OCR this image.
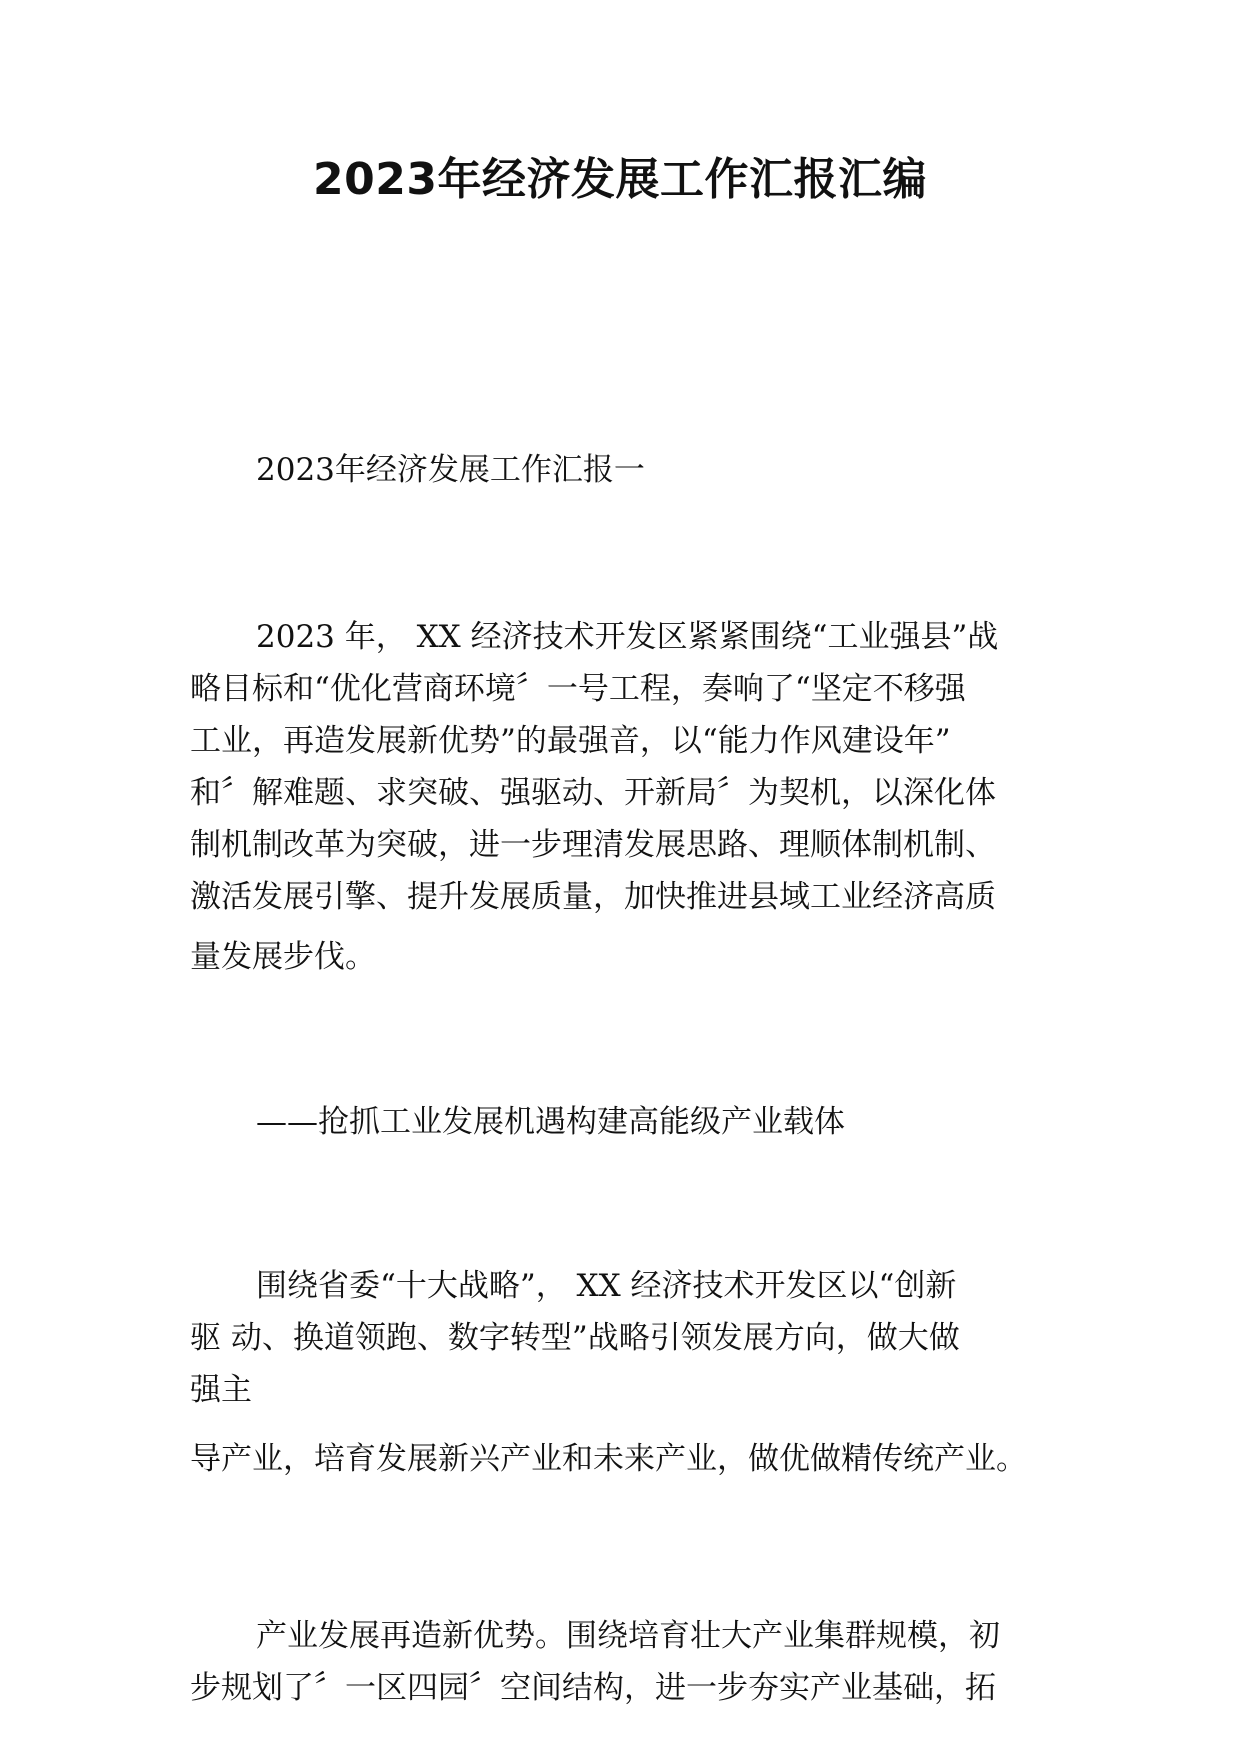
2023年经济发展工作汇报汇编
2023年经济发展工作汇报一
2023 年， XX 经济技术开发区紧紧围绕“工业强县”战
略目标和“优化营商环境〞一号工程，奏响了“坚定不移强
工业，再造发展新优势”的最强音，以“能力作风建设年”
和〞解难题、求突破、强驱动、开新局〞为契机，以深化体
制机制改革为突破，进一步理清发展思路、理顺体制机制、
激活发展引擎、提升发展质量，加快推进县域工业经济高质
量发展步伐。
——抢抓工业发展机遇构建高能级产业载体
围绕省委“十大战略”， XX 经济技术开发区以“创新
驱 动、换道领跑、数字转型”战略引领发展方向，做大做
强主
导产业，培育发展新兴产业和未来产业，做优做精传统产业。
产业发展再造新优势。围绕培育壮大产业集群规模，初
步规划了〞一区四园〞空间结构，进一步夯实产业基础，拓
